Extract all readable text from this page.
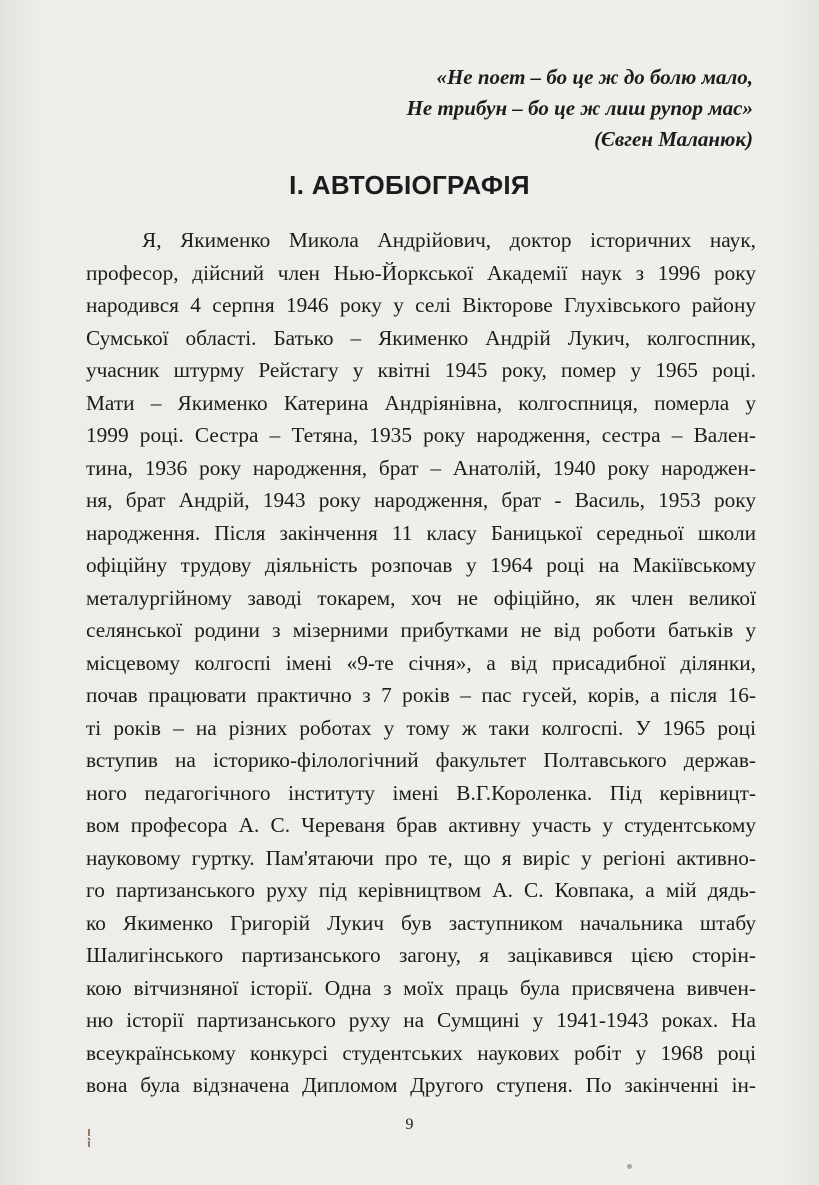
«Не поет – бо це ж до болю мало,
Не трибун – бо це ж лиш рупор мас»
(Євген Маланюк)
І. АВТОБІОГРАФІЯ
Я, Якименко Микола Андрійович, доктор історичних наук,
професор, дійсний член Нью-Йоркської Академії наук з 1996 року
народився 4 серпня 1946 року у селі Вікторове Глухівського району
Сумської області. Батько – Якименко Андрій Лукич, колгоспник,
учасник штурму Рейстагу у квітні 1945 року, помер у 1965 році.
Мати – Якименко Катерина Андріянівна, колгоспниця, померла у
1999 році. Сестра – Тетяна, 1935 року народження, сестра – Вален-
тина, 1936 року народження, брат – Анатолій, 1940 року народжен-
ня, брат Андрій, 1943 року народження, брат - Василь, 1953 року
народження. Після закінчення 11 класу Баницької середньої школи
офіційну трудову діяльність розпочав у 1964 році на Макіївському
металургійному заводі токарем, хоч не офіційно, як член великої
селянської родини з мізерними прибутками не від роботи батьків у
місцевому колгоспі імені «9-те січня», а від присадибної ділянки,
почав працювати практично з 7 років – пас гусей, корів, а після 16-
ті років – на різних роботах у тому ж таки колгоспі. У 1965 році
вступив на історико-філологічний факультет Полтавського держав-
ного педагогічного інституту імені В.Г.Короленка. Під керівницт-
вом професора А. С. Череваня брав активну участь у студентському
науковому гуртку. Пам'ятаючи про те, що я виріс у регіоні активно-
го партизанського руху під керівництвом А. С. Ковпака, а мій дядь-
ко Якименко Григорій Лукич був заступником начальника штабу
Шалигінського партизанського загону, я зацікавився цією сторін-
кою вітчизняної історії. Одна з моїх праць була присвячена вивчен-
ню історії партизанського руху на Сумщині у 1941-1943 роках. На
всеукраїнському конкурсі студентських наукових робіт у 1968 році
вона була відзначена Дипломом Другого ступеня. По закінченні ін-
9
